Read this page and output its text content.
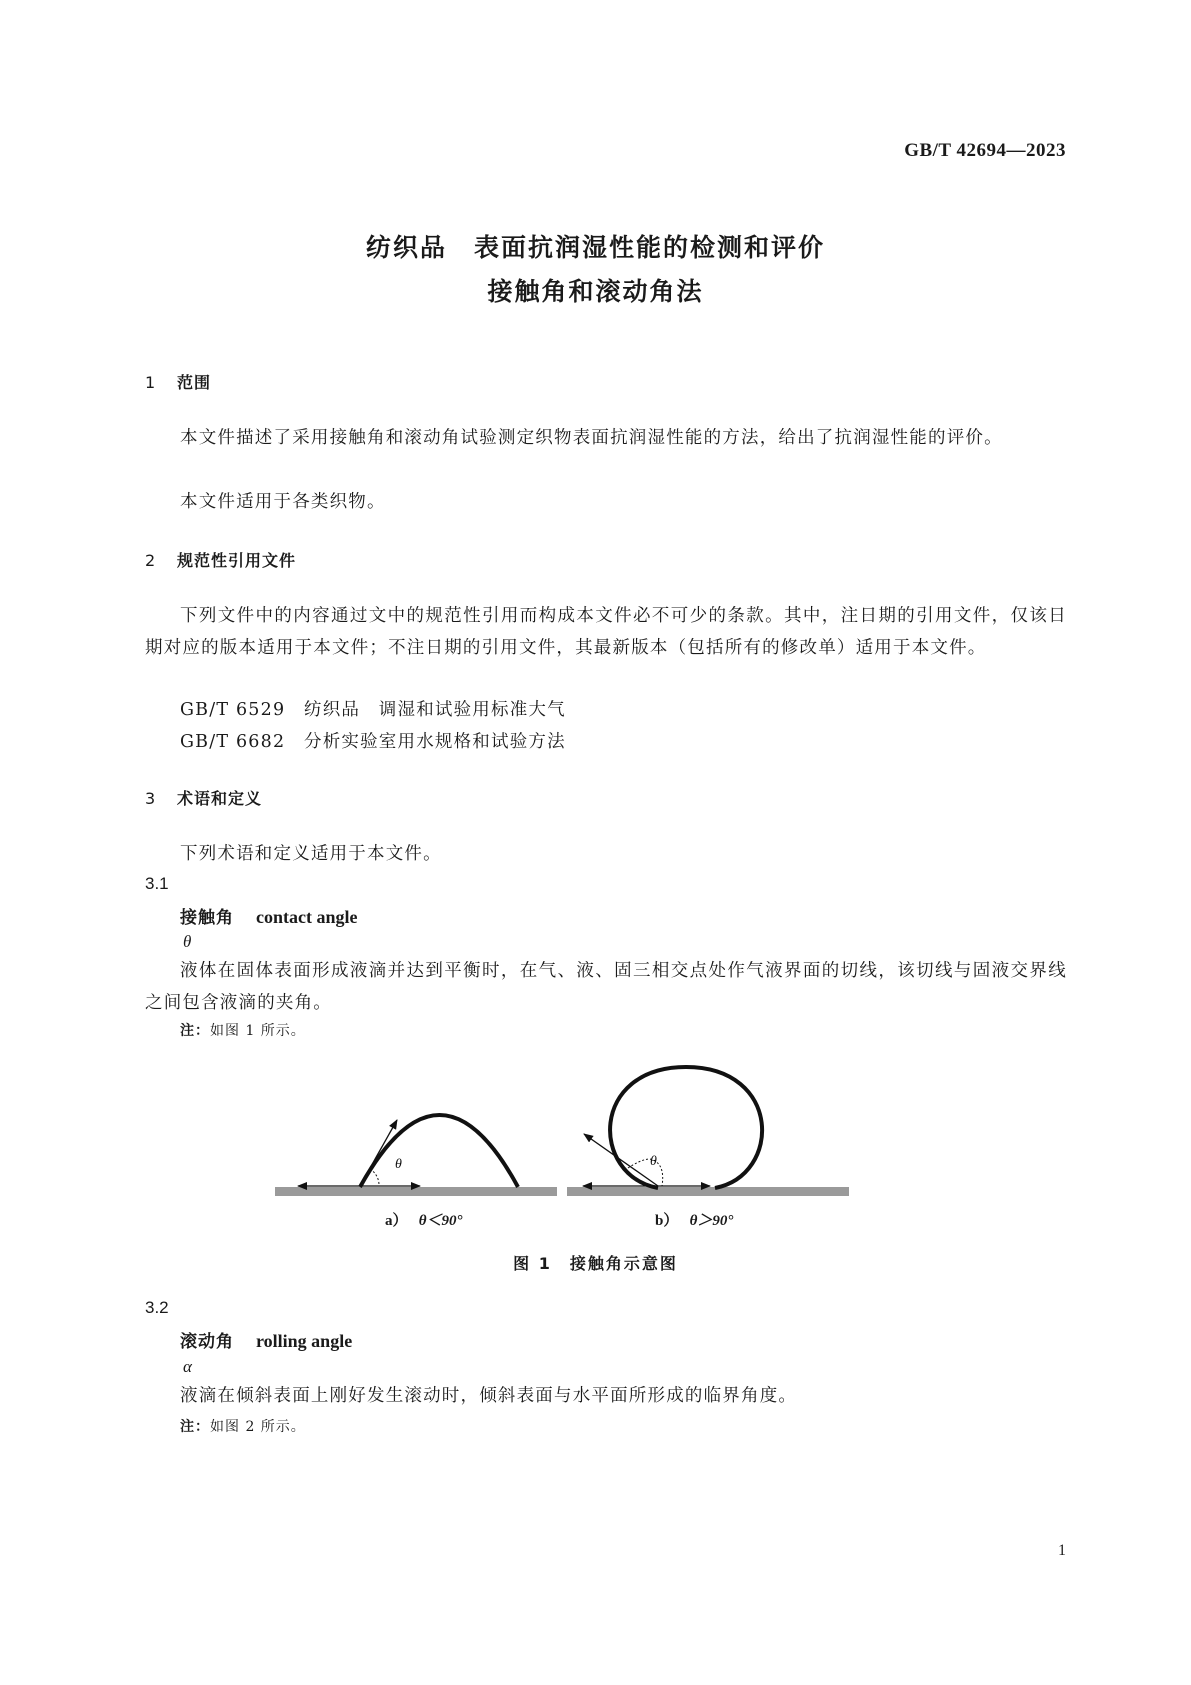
GB/T 42694—2023
纺织品　表面抗润湿性能的检测和评价
接触角和滚动角法
1 范围
本文件描述了采用接触角和滚动角试验测定织物表面抗润湿性能的方法，给出了抗润湿性能的评价。
本文件适用于各类织物。
2 规范性引用文件
下列文件中的内容通过文中的规范性引用而构成本文件必不可少的条款。其中，注日期的引用文件，仅该日期对应的版本适用于本文件；不注日期的引用文件，其最新版本（包括所有的修改单）适用于本文件。
GB/T 6529　纺织品　调湿和试验用标准大气
GB/T 6682　分析实验室用水规格和试验方法
3 术语和定义
下列术语和定义适用于本文件。
3.1
接触角 contact angle
θ
液体在固体表面形成液滴并达到平衡时，在气、液、固三相交点处作气液界面的切线，该切线与固液交界线之间包含液滴的夹角。
注：如图 1 所示。
θ	θ
a） θ＜90°	b） θ＞90°
图 1　接触角示意图
3.2
滚动角 rolling angle
α
液滴在倾斜表面上刚好发生滚动时，倾斜表面与水平面所形成的临界角度。
注：如图 2 所示。
1
